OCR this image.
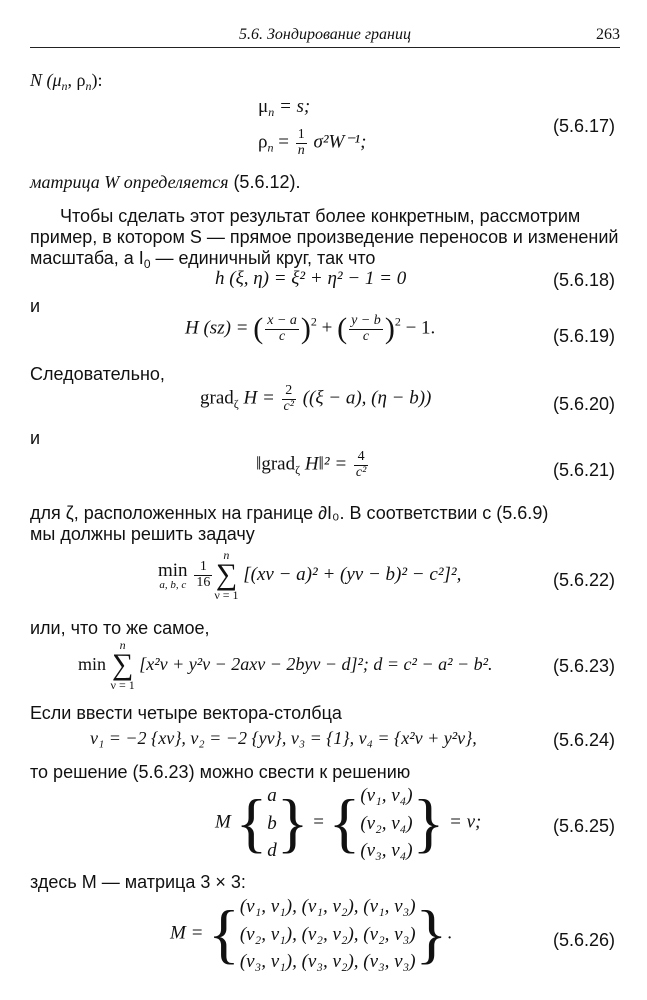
5.6. Зондирование границ	263
N ($\mu_n$, $\rho_n$):
$\mu_n = s$;
$\rho_n = \frac{1}{n} \sigma^2W^{-1}$;
(5.6.17)
матрица W определяется (5.6.12).
Чтобы сделать этот результат более конкретным, рассмотрим
пример, в котором S — прямое произведение переносов и изменений
масштаба, а $I_0$ — единичный круг, так что
h (ξ, η) = ξ² + η² − 1 = 0	(5.6.18)
и
H (sz) = ( $\frac{x - a}{c} )^2$ + ( $\frac{y - b}{c} )^2 - 1$.	(5.6.19)
Следовательно,
grad$_\zeta$ $H = \frac{2}{\text{c²}} ((\xi - a)$, (η − b))	(5.6.20)
и
‖grad$_\zeta$ H‖² = $\frac{4}{\text{c²}}$	(5.6.21)
для ζ, расположенных на границе ∂I₀. В соответствии с (5.6.9)
мы должны решить задачу
min
a, b, c
$\frac{1}{16}$
n
∑
ν = 1
[(xν − a)² + (yν − b)² − c²]²,	(5.6.22)
или, что то же самое,
min
n
∑
ν = 1
[x²ν + y²ν − 2axν − 2byν − d]²; d = c² − a² − b².	(5.6.23)
Если ввести четыре вектора-столбца
v₁ = −2 {xν}, v₂ = −2 {yν}, v₃ = {1}, v₄ = {x²ν + y²ν},	(5.6.24)
то решение (5.6.23) можно свести к решению
M { a
b
d } = { (v₁, v₄)
(v₂, v₄)
(v₃, v₄) } = v;	(5.6.25)
здесь M — матрица 3 × 3:
M = { (v₁, v₁), (v₁, v₂), (v₁, v₃)
(v₂, v₁), (v₂, v₂), (v₂, v₃)
(v₃, v₁), (v₃, v₂), (v₃, v₃) }.	(5.6.26)
